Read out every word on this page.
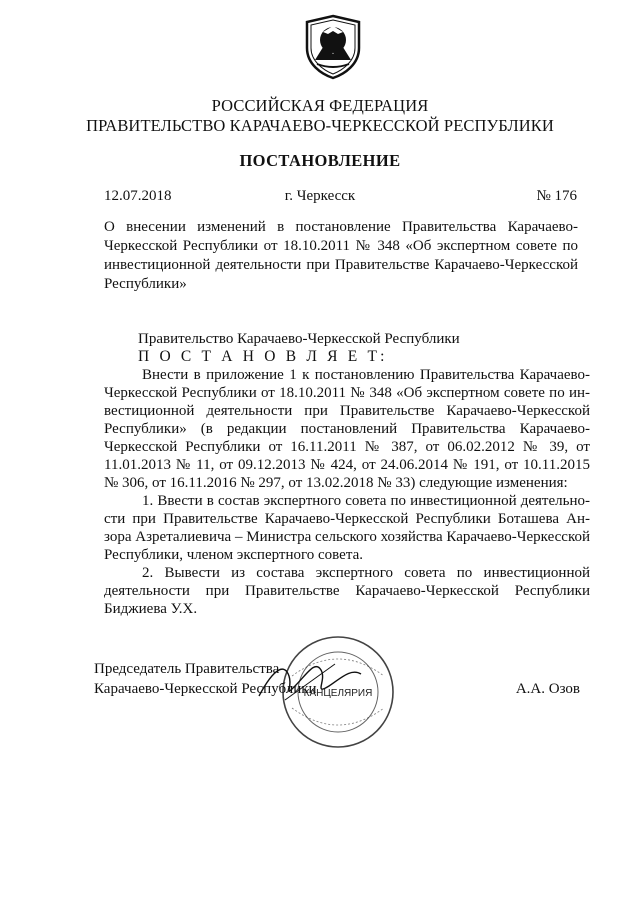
РОССИЙСКАЯ ФЕДЕРАЦИЯ
ПРАВИТЕЛЬСТВО КАРАЧАЕВО-ЧЕРКЕССКОЙ РЕСПУБЛИКИ
ПОСТАНОВЛЕНИЕ
12.07.2018	г. Черкесск	№ 176
О внесении изменений в постановление Правительства Карачаево-Черкесской Республики от 18.10.2011 № 348 «Об экспертном совете по инвестиционной деятельности при Правительстве Карачаево-Черкесской Республики»

Правительство Карачаево-Черкесской Республики

П О С Т А Н О В Л Я Е Т:

Внести в приложение 1 к постановлению Правительства Карачаево-Черкесской Республики от 18.10.2011 № 348 «Об экспертном совете по инвестиционной деятельности при Правительстве Карачаево-Черкесской Республики» (в редакции постановлений Правительства Карачаево-Черкесской Республики от 16.11.2011 № 387, от 06.02.2012 № 39, от 11.01.2013 № 11, от 09.12.2013 № 424, от 24.06.2014 № 191, от 10.11.2015 № 306, от 16.11.2016 № 297, от 13.02.2018 № 33) следующие изменения:

1. Ввести в состав экспертного совета по инвестиционной деятельности при Правительстве Карачаево-Черкесской Республики Боташева Анзора Азреталиевича – Министра сельского хозяйства Карачаево-Черкесской Республики, членом экспертного совета.

2. Вывести из состава экспертного совета по инвестиционной деятельности при Правительстве Карачаево-Черкесской Республики Биджиева У.Х.

КАНЦЕЛЯРИЯ
Председатель Правительства
Карачаево-Черкесской Республики	А.А. Озов
